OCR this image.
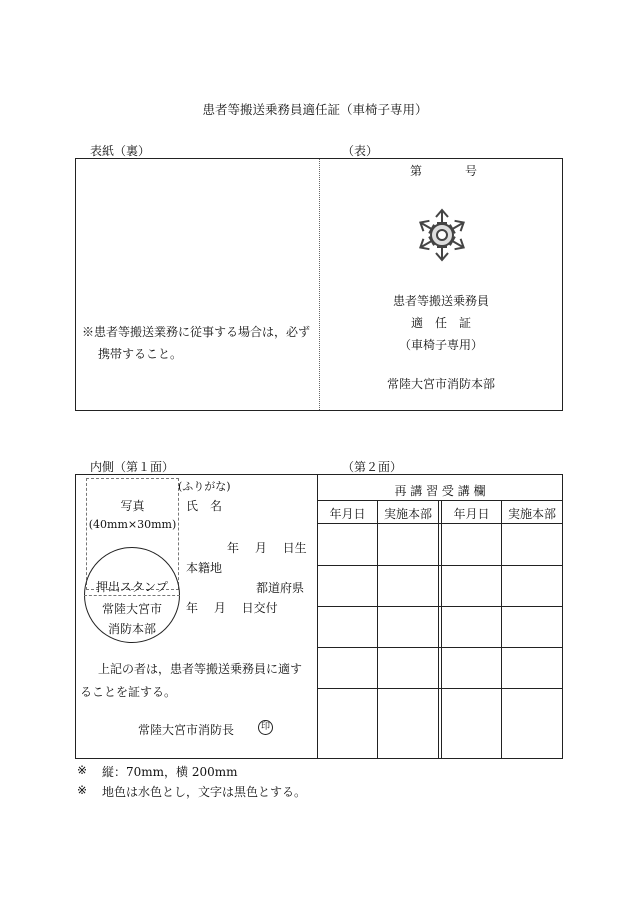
患者等搬送乗務員適任証（車椅子専用）
表紙（裏）	（表）
※患者等搬送業務に従事する場合は，必ず
携帯すること。
第	号
患者等搬送乗務員
適　任　証
（車椅子専用）
常陸大宮市消防本部
内側（第１面）	（第２面）
(ふりがな)
写真
(40mm×30mm)
氏　名
年　 月　 日生
本籍地
都道府県
年　 月　 日交付
押出スタンプ
常陸大宮市
消防本部
上記の者は，患者等搬送乗務員に適す
ることを証する。
常陸大宮市消防長	印
再 講 習 受 講 欄
年月日	実施本部	年月日	実施本部
※ 縦：70mm，横 200mm
※ 地色は水色とし，文字は黒色とする。
